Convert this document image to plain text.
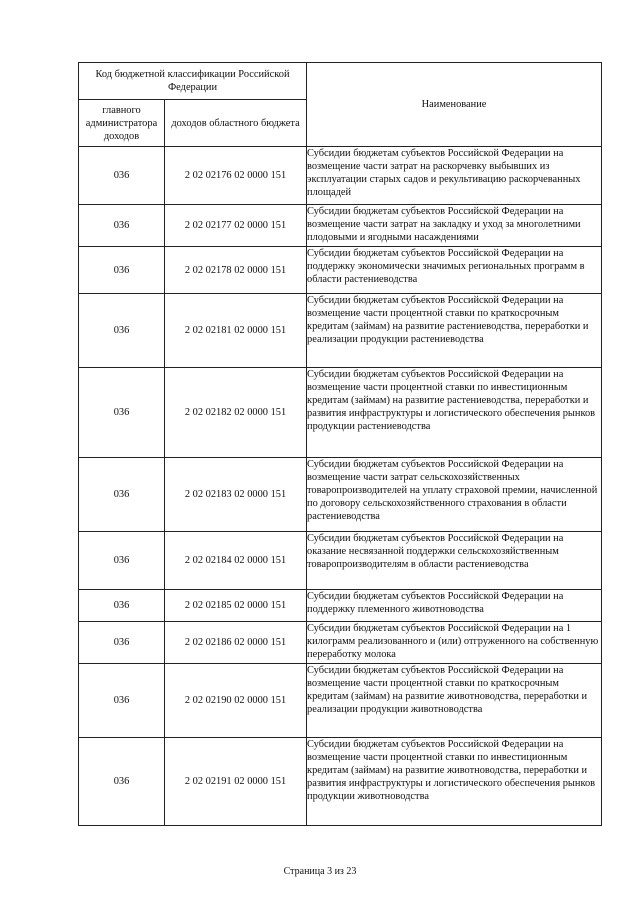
Код бюджетной классификации Российской Федерации		Наименование
главного администратора доходов	доходов областного бюджета	
036	2 02 02176 02 0000 151	Субсидии бюджетам субъектов Российской Федерации на возмещение части затрат на раскорчевку выбывших из эксплуатации старых садов и рекультивацию раскорчеванных площадей
036	2 02 02177 02 0000 151	Субсидии бюджетам субъектов Российской Федерации на возмещение части затрат на закладку и уход за многолетними плодовыми и ягодными насаждениями
036	2 02 02178 02 0000 151	Субсидии бюджетам субъектов Российской Федерации на поддержку экономически значимых региональных программ в области растениеводства
036	2 02 02181 02 0000 151	Субсидии бюджетам субъектов Российской Федерации на возмещение части процентной ставки по краткосрочным кредитам (займам) на развитие растениеводства, переработки и реализации продукции растениеводства
036	2 02 02182 02 0000 151	Субсидии бюджетам субъектов Российской Федерации на возмещение части процентной ставки по инвестиционным кредитам (займам) на развитие растениеводства, переработки и развития инфраструктуры и логистического обеспечения рынков продукции растениеводства
036	2 02 02183 02 0000 151	Субсидии бюджетам субъектов Российской Федерации на возмещение части затрат сельскохозяйственных товаропроизводителей на уплату страховой премии, начисленной по договору сельскохозяйственного страхования в области растениеводства
036	2 02 02184 02 0000 151	Субсидии бюджетам субъектов Российской Федерации на оказание несвязанной поддержки сельскохозяйственным товаропроизводителям в области растениеводства
036	2 02 02185 02 0000 151	Субсидии бюджетам субъектов Российской Федерации на поддержку племенного животноводства
036	2 02 02186 02 0000 151	Субсидии бюджетам субъектов Российской Федерации на 1 килограмм реализованного и (или) отгруженного на собственную переработку молока
036	2 02 02190 02 0000 151	Субсидии бюджетам субъектов Российской Федерации на возмещение части процентной ставки по краткосрочным кредитам (займам) на развитие животноводства, переработки и реализации продукции животноводства
036	2 02 02191 02 0000 151	Субсидии бюджетам субъектов Российской Федерации на возмещение части процентной ставки по инвестиционным кредитам (займам) на развитие животноводства, переработки и развития инфраструктуры и логистического обеспечения рынков продукции животноводства
Страница 3 из 23
